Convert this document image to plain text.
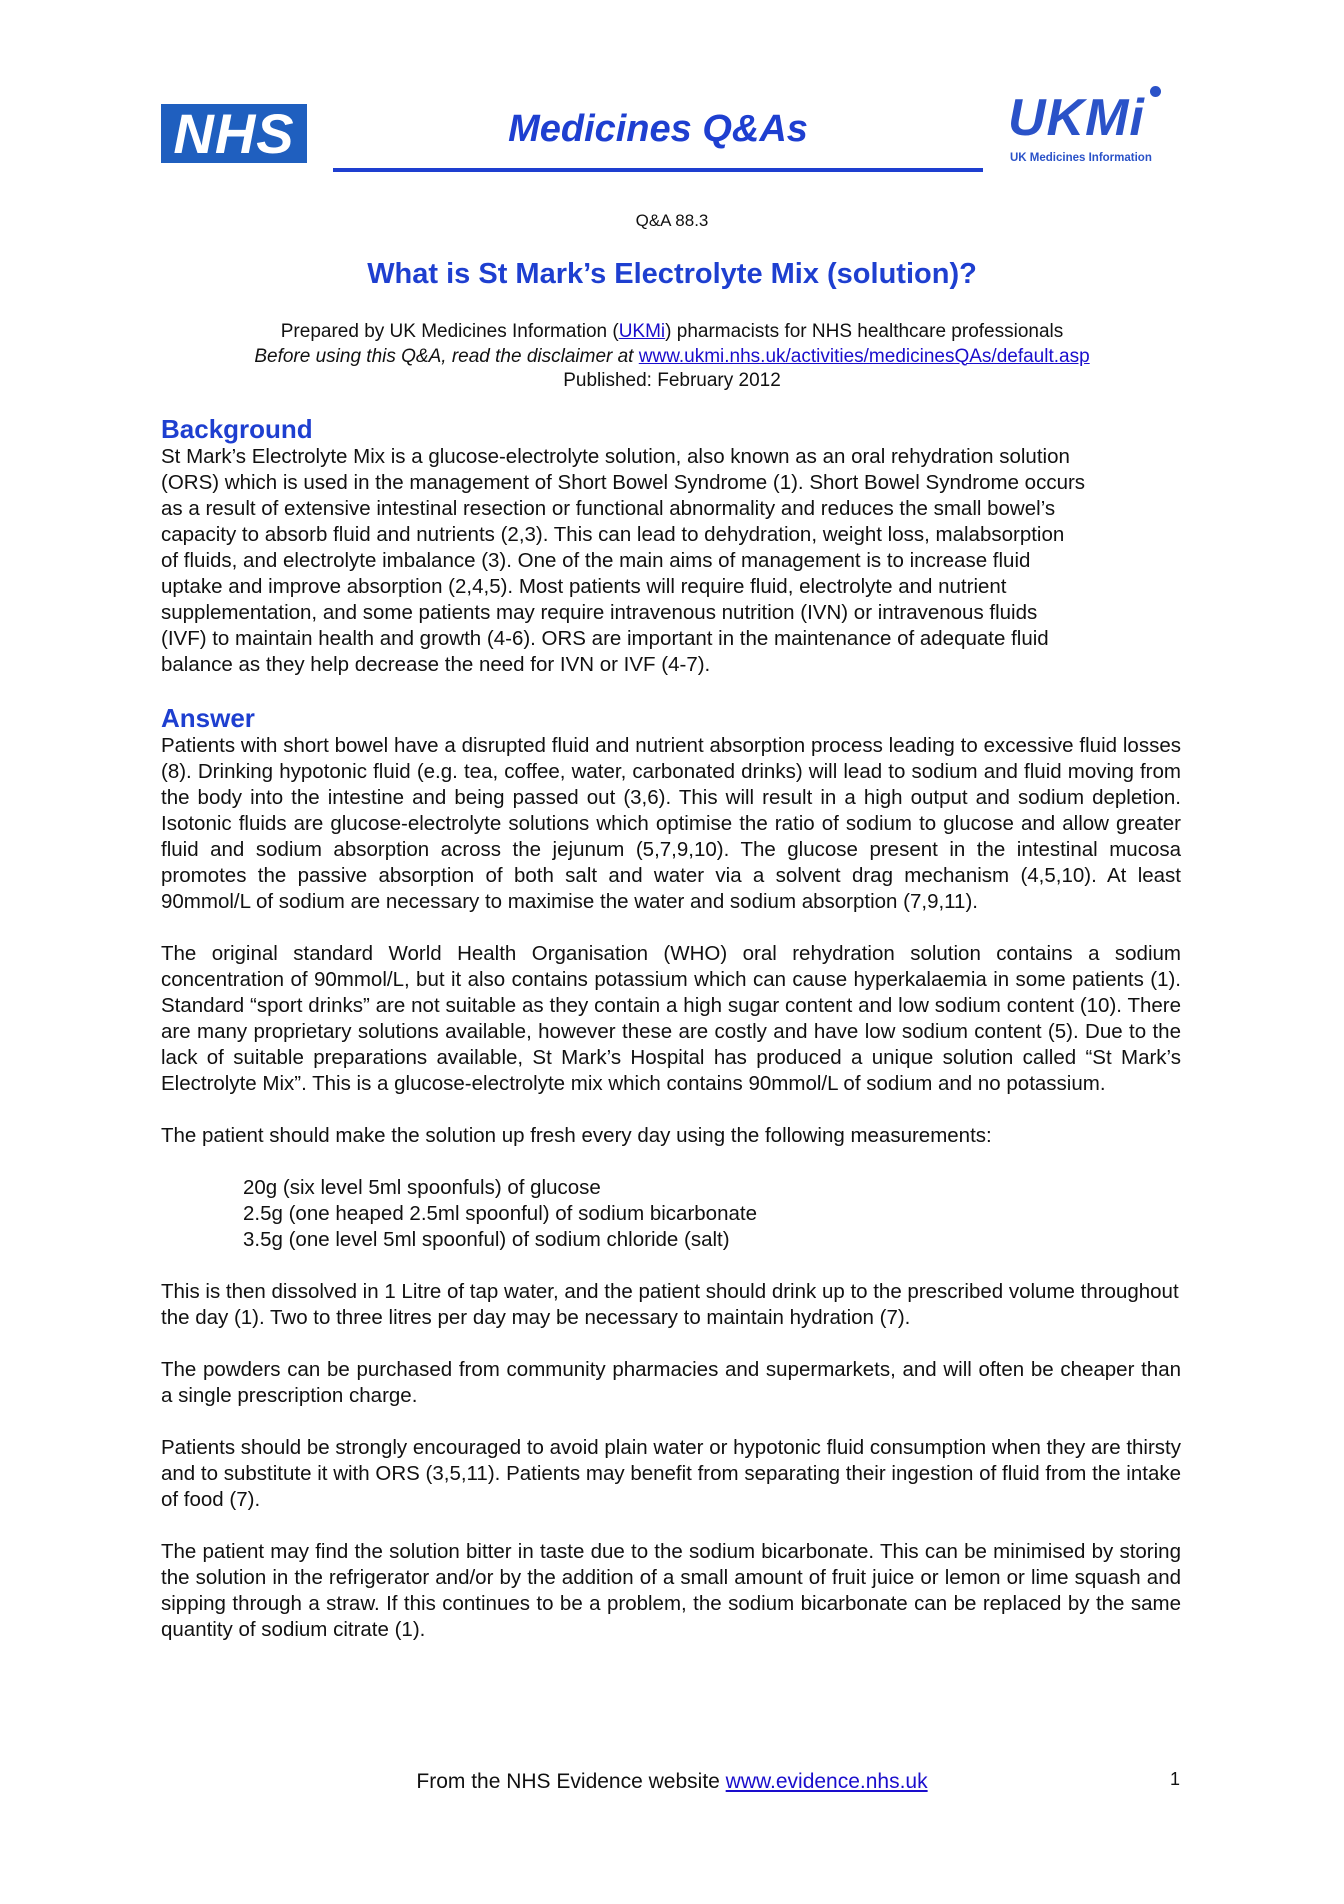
NHS	Medicines Q&As	UKMi
UK Medicines Information
Q&A 88.3
What is St Mark’s Electrolyte Mix (solution)?
Prepared by UK Medicines Information (UKMi) pharmacists for NHS healthcare professionals
Before using this Q&A, read the disclaimer at www.ukmi.nhs.uk/activities/medicinesQAs/default.asp
Published: February 2012
Background
St Mark’s Electrolyte Mix is a glucose-electrolyte solution, also known as an oral rehydration solution
(ORS) which is used in the management of Short Bowel Syndrome (1). Short Bowel Syndrome occurs
as a result of extensive intestinal resection or functional abnormality and reduces the small bowel’s
capacity to absorb fluid and nutrients (2,3). This can lead to dehydration, weight loss, malabsorption
of fluids, and electrolyte imbalance (3). One of the main aims of management is to increase fluid
uptake and improve absorption (2,4,5). Most patients will require fluid, electrolyte and nutrient
supplementation, and some patients may require intravenous nutrition (IVN) or intravenous fluids
(IVF) to maintain health and growth (4-6). ORS are important in the maintenance of adequate fluid
balance as they help decrease the need for IVN or IVF (4-7).
Answer

Patients with short bowel have a disrupted fluid and nutrient absorption process leading to excessive fluid losses (8). Drinking hypotonic fluid (e.g. tea, coffee, water, carbonated drinks) will lead to sodium and fluid moving from the body into the intestine and being passed out (3,6). This will result in a high output and sodium depletion. Isotonic fluids are glucose-electrolyte solutions which optimise the ratio of sodium to glucose and allow greater fluid and sodium absorption across the jejunum (5,7,9,10). The glucose present in the intestinal mucosa promotes the passive absorption of both salt and water via a solvent drag mechanism (4,5,10). At least 90mmol/L of sodium are necessary to maximise the water and sodium absorption (7,9,11).

The original standard World Health Organisation (WHO) oral rehydration solution contains a sodium concentration of 90mmol/L, but it also contains potassium which can cause hyperkalaemia in some patients (1). Standard “sport drinks” are not suitable as they contain a high sugar content and low sodium content (10). There are many proprietary solutions available, however these are costly and have low sodium content (5). Due to the lack of suitable preparations available, St Mark’s Hospital has produced a unique solution called “St Mark’s Electrolyte Mix”. This is a glucose-electrolyte mix which contains 90mmol/L of sodium and no potassium.

The patient should make the solution up fresh every day using the following measurements:

20g (six level 5ml spoonfuls) of glucose
2.5g (one heaped 2.5ml spoonful) of sodium bicarbonate
3.5g (one level 5ml spoonful) of sodium chloride (salt)

This is then dissolved in 1 Litre of tap water, and the patient should drink up to the prescribed volume throughout the day (1). Two to three litres per day may be necessary to maintain hydration (7).

The powders can be purchased from community pharmacies and supermarkets, and will often be cheaper than a single prescription charge.

Patients should be strongly encouraged to avoid plain water or hypotonic fluid consumption when they are thirsty and to substitute it with ORS (3,5,11). Patients may benefit from separating their ingestion of fluid from the intake of food (7).

The patient may find the solution bitter in taste due to the sodium bicarbonate. This can be minimised by storing the solution in the refrigerator and/or by the addition of a small amount of fruit juice or lemon or lime squash and sipping through a straw. If this continues to be a problem, the sodium bicarbonate can be replaced by the same quantity of sodium citrate (1).

From the NHS Evidence website www.evidence.nhs.uk	1
